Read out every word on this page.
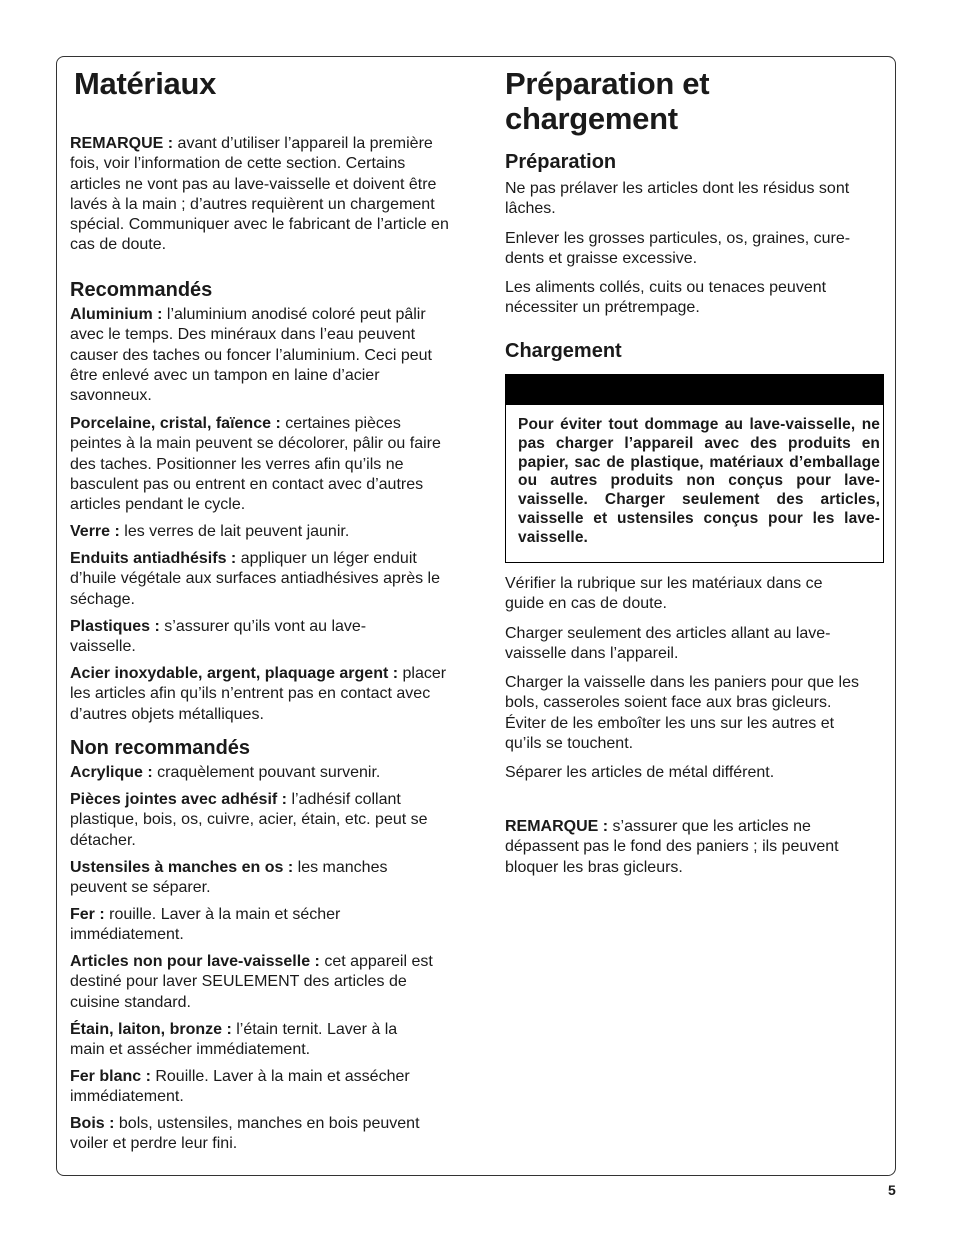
Matériaux

REMARQUE : avant d’utiliser l’appareil la première fois, voir l’information de cette section. Certains articles ne vont pas au lave-vaisselle et doivent être lavés à la main ; d’autres requièrent un chargement spécial. Communiquer avec le fabricant de l’article en cas de doute.

Recommandés

Aluminium : l’aluminium anodisé coloré peut pâlir avec le temps. Des minéraux dans l’eau peuvent causer des taches ou foncer l’aluminium. Ceci peut être enlevé avec un tampon en laine d’acier savonneux.

Porcelaine, cristal, faïence : certaines pièces peintes à la main peuvent se décolorer, pâlir ou faire des taches. Positionner les verres afin qu’ils ne basculent pas ou entrent en contact avec d’autres articles pendant le cycle.

Verre : les verres de lait peuvent jaunir.

Enduits antiadhésifs : appliquer un léger enduit d’huile végétale aux surfaces antiadhésives après le séchage.

Plastiques : s’assurer qu’ils vont au lave-vaisselle.

Acier inoxydable, argent, plaquage argent : placer les articles afin qu’ils n’entrent pas en contact avec d’autres objets métalliques.

Non recommandés

Acrylique : craquèlement pouvant survenir.

Pièces jointes avec adhésif : l’adhésif collant plastique, bois, os, cuivre, acier, étain, etc. peut se détacher.

Ustensiles à manches en os : les manches peuvent se séparer.

Fer : rouille. Laver à la main et sécher immédiatement.

Articles non pour lave-vaisselle : cet appareil est destiné pour laver SEULEMENT des articles de cuisine standard.

Étain, laiton, bronze : l’étain ternit. Laver à la main et assécher immédiatement.

Fer blanc : Rouille. Laver à la main et assécher immédiatement.

Bois : bols, ustensiles, manches en bois peuvent voiler et perdre leur fini.

Préparation et
chargement
Préparation

Ne pas prélaver les articles dont les résidus sont lâches.

Enlever les grosses particules, os, graines, cure-dents et graisse excessive.

Les aliments collés, cuits ou tenaces peuvent nécessiter un prétrempage.

Chargement
Pour éviter tout dommage au lave-vaisselle, ne pas charger l’appareil avec des produits en papier, sac de plastique, matériaux d’emballage ou autres produits non conçus pour lave-vaisselle. Charger seulement des articles, vaisselle et ustensiles conçus pour les lave-vaisselle.

Vérifier la rubrique sur les matériaux dans ce guide en cas de doute.

Charger seulement des articles allant au lave-vaisselle dans l’appareil.

Charger la vaisselle dans les paniers pour que les bols, casseroles soient face aux bras gicleurs. Éviter de les emboîter les uns sur les autres et qu’ils se touchent.

Séparer les articles de métal différent.

REMARQUE : s’assurer que les articles ne dépassent pas le fond des paniers ; ils peuvent bloquer les bras gicleurs.

5
